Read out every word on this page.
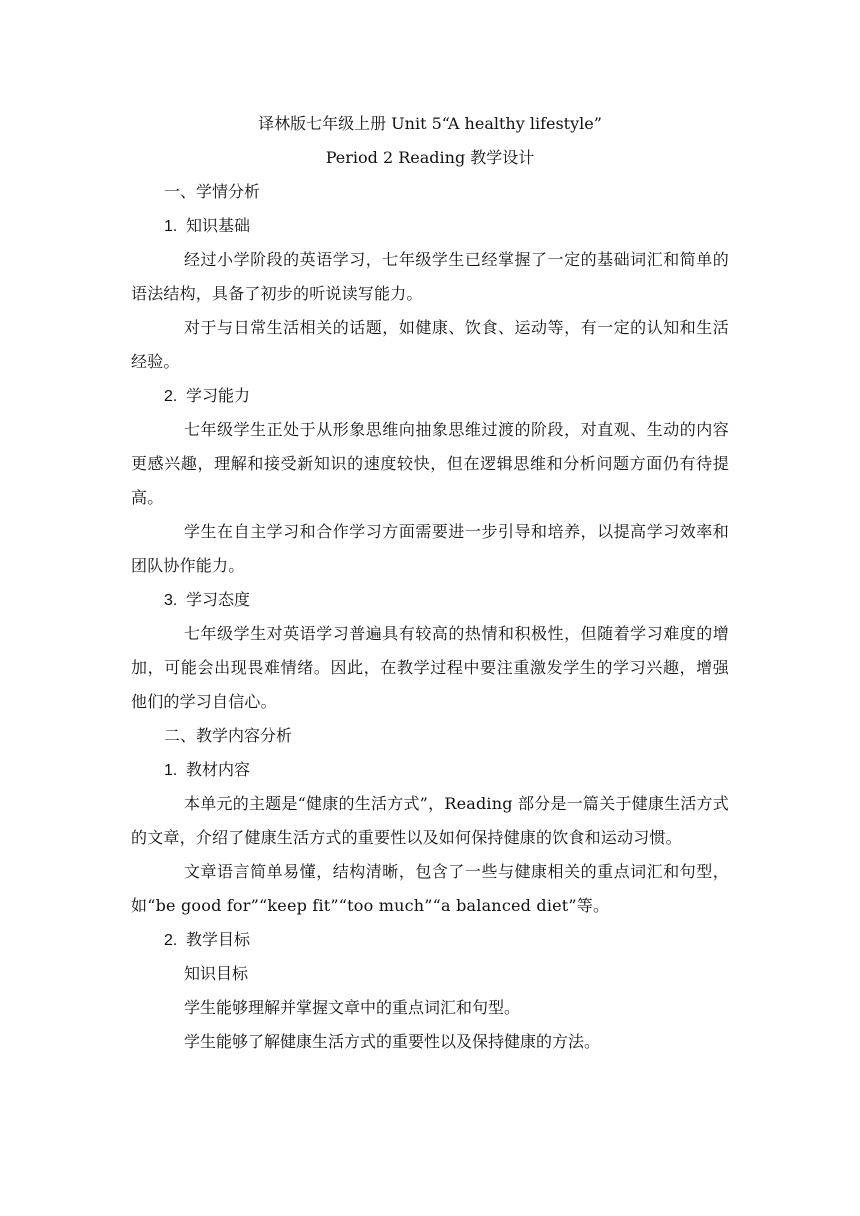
译林版七年级上册 Unit 5“A healthy lifestyle”
Period 2 Reading 教学设计
一、学情分析
1. 知识基础
经过小学阶段的英语学习，七年级学生已经掌握了一定的基础词汇和简单的语法结构，具备了初步的听说读写能力。
对于与日常生活相关的话题，如健康、饮食、运动等，有一定的认知和生活经验。
2. 学习能力
七年级学生正处于从形象思维向抽象思维过渡的阶段，对直观、生动的内容更感兴趣，理解和接受新知识的速度较快，但在逻辑思维和分析问题方面仍有待提高。
学生在自主学习和合作学习方面需要进一步引导和培养，以提高学习效率和团队协作能力。
3. 学习态度
七年级学生对英语学习普遍具有较高的热情和积极性，但随着学习难度的增加，可能会出现畏难情绪。因此，在教学过程中要注重激发学生的学习兴趣，增强他们的学习自信心。
二、教学内容分析
1. 教材内容
本单元的主题是“健康的生活方式”，Reading 部分是一篇关于健康生活方式的文章，介绍了健康生活方式的重要性以及如何保持健康的饮食和运动习惯。
文章语言简单易懂，结构清晰，包含了一些与健康相关的重点词汇和句型，如“be good for”“keep fit”“too much”“a balanced diet”等。
2. 教学目标
知识目标
学生能够理解并掌握文章中的重点词汇和句型。
学生能够了解健康生活方式的重要性以及保持健康的方法。
